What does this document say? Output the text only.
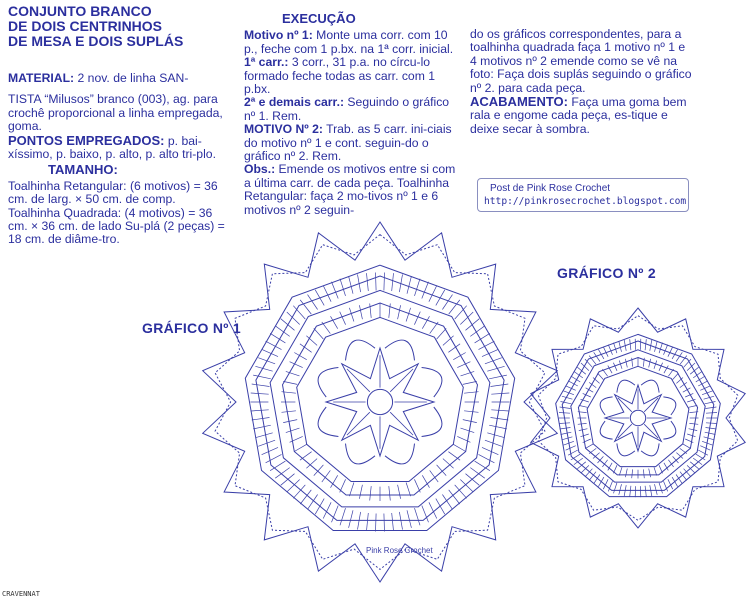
CONJUNTO BRANCO
DE DOIS CENTRINHOS
DE MESA E DOIS SUPLÁS

MATERIAL: 2 nov. de linha SAN-

TISTA “Milusos” branco (003), ag. para crochê proporcional a linha empregada, goma.

PONTOS EMPREGADOS: p. bai-xíssimo, p. baixo, p. alto, p. alto tri-plo.

TAMANHO:

Toalhinha Retangular: (6 motivos) = 36 cm. de larg. × 50 cm. de comp.

Toalhinha Quadrada: (4 motivos) = 36 cm. × 36 cm. de lado Su-plá (2 peças) = 18 cm. de diâme-tro.

EXECUÇÃO

Motivo nº 1: Monte uma corr. com 10 p., feche com 1 p.bx. na 1ª corr. inicial.

1ª carr.: 3 corr., 31 p.a. no círcu-lo formado feche todas as carr. com 1 p.bx.

2ª e demais carr.: Seguindo o gráfico nº 1. Rem.

MOTIVO Nº 2: Trab. as 5 carr. ini-ciais do motivo nº 1 e cont. seguin-do o gráfico nº 2. Rem.

Obs.: Emende os motivos entre si com a última carr. de cada peça. Toalhinha Retangular: faça 2 mo-tivos nº 1 e 6 motivos nº 2 seguin-

do os gráficos correspondentes, para a toalhinha quadrada faça 1 motivo nº 1 e 4 motivos nº 2 emende como se vê na foto: Faça dois suplás seguindo o gráfico nº 2. para cada peça.

ACABAMENTO: Faça uma goma bem rala e engome cada peça, es-tique e deixe secar à sombra.

Post de Pink Rose Crochet
http://pinkrosecrochet.blogspot.com
GRÁFICO Nº 1
GRÁFICO Nº 2
Pink Rose Crochet
CRAVENNAT
